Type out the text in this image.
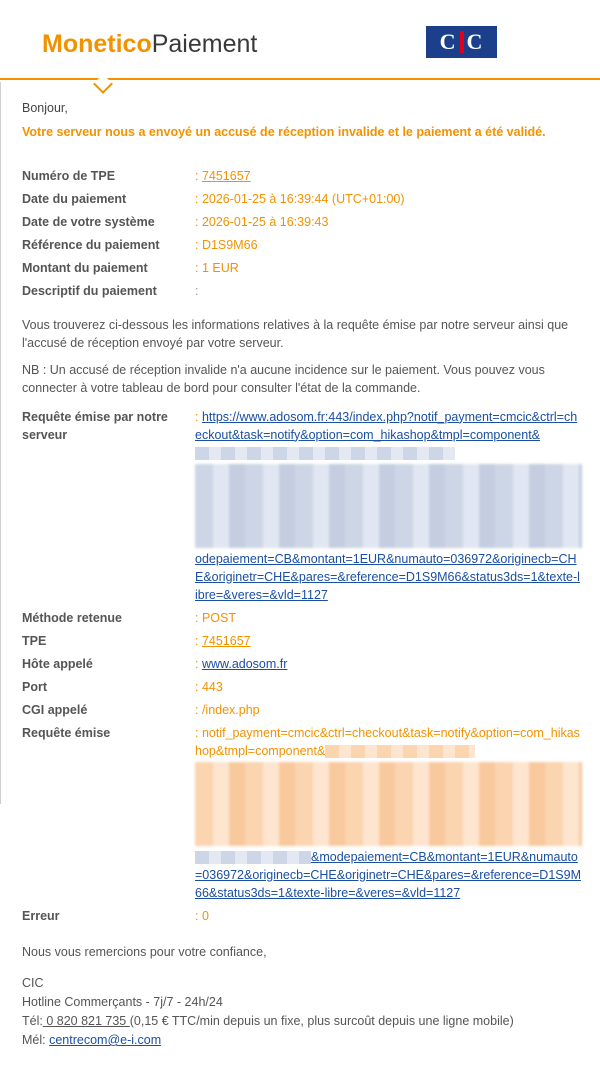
MoneticoPaiement	C C
Bonjour,
Votre serveur nous a envoyé un accusé de réception invalide et le paiement a été validé.
Numéro de TPE	: 7451657
Date du paiement	: 2026-01-25 à 16:39:44 (UTC+01:00)
Date de votre système	: 2026-01-25 à 16:39:43
Référence du paiement	: D1S9M66
Montant du paiement	: 1 EUR
Descriptif du paiement	:

Vous trouverez ci-dessous les informations relatives à la requête émise par notre serveur ainsi que l'accusé de réception envoyé par votre serveur.

NB : Un accusé de réception invalide n'a aucune incidence sur le paiement. Vous pouvez vous connecter à votre tableau de bord pour consulter l'état de la commande.

Requête émise par notre serveur
: https://www.adosom.fr:443/index.php?notif_payment=cmcic&ctrl=checkout&task=notify&option=com_hikashop&tmpl=component&
odepaiement=CB&montant=1EUR&numauto=036972&originecb=CHE&originetr=CHE&pares=&reference=D1S9M66&status3ds=1&texte-libre=&veres=&vld=1127
Méthode retenue	: POST
TPE	: 7451657
Hôte appelé	: www.adosom.fr
Port	: 443
CGI appelé	: /index.php
Requête émise	: notif_payment=cmcic&ctrl=checkout&task=notify&option=com_hikashop&tmpl=component&
&modepaiement=CB&montant=1EUR&numauto=036972&originecb=CHE&originetr=CHE&pares=&reference=D1S9M66&status3ds=1&texte-libre=&veres=&vld=1127
Erreur	: 0
Nous vous remercions pour votre confiance,
CIC
Hotline Commerçants - 7j/7 - 24h/24
Tél: 0 820 821 735 (0,15 € TTC/min depuis un fixe, plus surcoût depuis une ligne mobile)
Mél: centrecom@e-i.com
